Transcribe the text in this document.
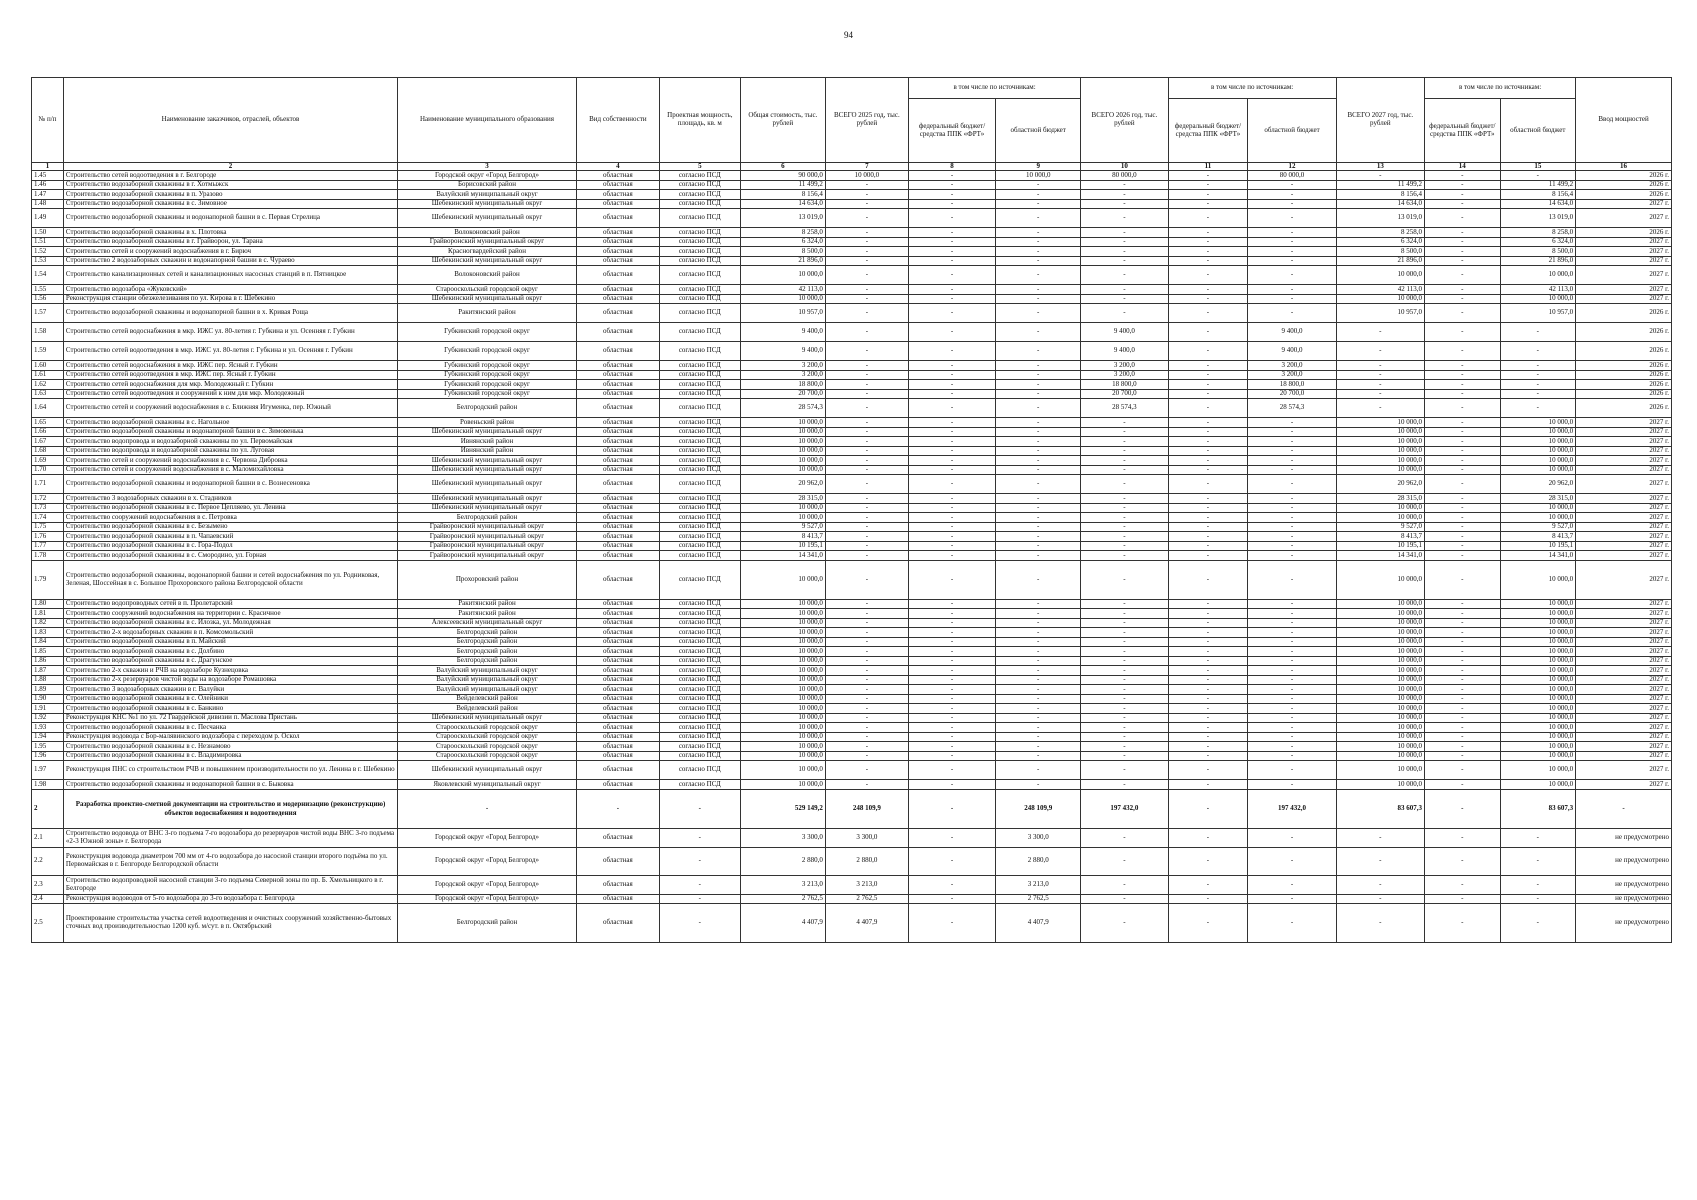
94
№ п/п	Наименование заказчиков, отраслей, объектов	Наименование муниципального образования	Вид собственности	Проектная мощность, площадь, кв. м	Общая стоимость, тыс. рублей	ВСЕГО 2025 год, тыс. рублей	в том числе по источникам:		ВСЕГО 2026 год, тыс. рублей	в том числе по источникам:		ВСЕГО 2027 год, тыс. рублей	в том числе по источникам:		Ввод мощностей
							федеральный бюджет/ средства ППК «ФРТ»	областной бюджет		федеральный бюджет/ средства ППК «ФРТ»	областной бюджет		федеральный бюджет/ средства ППК «ФРТ»	областной бюджет	
1	2	3	4	5	6	7	8	9	10	11	12	13	14	15	16
1.45	Строительство сетей водоотведения в г. Белгороде	Городской округ «Город Белгород»	областная	согласно ПСД	90 000,0	10 000,0	-	10 000,0	80 000,0	-	80 000,0	-	-	-	2026 г.
1.46	Строительство водозаборной скважины в г. Хотмыжск	Борисовский район	областная	согласно ПСД	11 499,2	-	-	-	-	-	-	11 499,2	-	11 499,2	2026 г.
1.47	Строительство водозаборной скважины в п. Уразово	Валуйский муниципальный округ	областная	согласно ПСД	8 156,4	-	-	-	-	-	-	8 156,4	-	8 156,4	2026 г.
1.48	Строительство водозаборной скважины в с. Зимовное	Шебекинский муниципальный округ	областная	согласно ПСД	14 634,0	-	-	-	-	-	-	14 634,0	-	14 634,0	2027 г.
1.49	Строительство водозаборной скважины и водонапорной башни в с. Первая Стрелица	Шебекинский муниципальный округ	областная	согласно ПСД	13 019,0	-	-	-	-	-	-	13 019,0	-	13 019,0	2027 г.
1.50	Строительство водозаборной скважины в х. Плотовка	Волоконовский район	областная	согласно ПСД	8 258,0	-	-	-	-	-	-	8 258,0	-	8 258,0	2026 г.
1.51	Строительство водозаборной скважины в г. Грайворон, ул. Тарана	Грайворонский муниципальный округ	областная	согласно ПСД	6 324,0	-	-	-	-	-	-	6 324,0	-	6 324,0	2027 г.
1.52	Строительство сетей и сооружений водоснабжения в г. Бирюч	Красногвардейский район	областная	согласно ПСД	8 500,0	-	-	-	-	-	-	8 500,0	-	8 500,0	2027 г.
1.53	Строительство 2 водозаборных скважин и водонапорной башни в с. Чураево	Шебекинский муниципальный округ	областная	согласно ПСД	21 896,0	-	-	-	-	-	-	21 896,0	-	21 896,0	2027 г.
1.54	Строительство канализационных сетей и канализационных насосных станций в п. Пятницкое	Волоконовский район	областная	согласно ПСД	10 000,0	-	-	-	-	-	-	10 000,0	-	10 000,0	2027 г.
1.55	Строительство водозабора «Жуковский»	Старооскольский городской округ	областная	согласно ПСД	42 113,0	-	-	-	-	-	-	42 113,0	-	42 113,0	2027 г.
1.56	Реконструкция станции обезжелезивания по ул. Кирова в г. Шебекино	Шебекинский муниципальный округ	областная	согласно ПСД	10 000,0	-	-	-	-	-	-	10 000,0	-	10 000,0	2027 г.
1.57	Строительство водозаборной скважины и водонапорной башни в х. Кривая Роща	Ракитянский район	областная	согласно ПСД	10 957,0	-	-	-	-	-	-	10 957,0	-	10 957,0	2026 г.
1.58	Строительство сетей водоснабжения в мкр. ИЖС ул. 80-летия г. Губкина и ул. Осенняя г. Губкин	Губкинский городской округ	областная	согласно ПСД	9 400,0	-	-	-	9 400,0	-	9 400,0	-	-	-	2026 г.
1.59	Строительство сетей водоотведения в мкр. ИЖС ул. 80-летия г. Губкина и ул. Осенняя г. Губкин	Губкинский городской округ	областная	согласно ПСД	9 400,0	-	-	-	9 400,0	-	9 400,0	-	-	-	2026 г.
1.60	Строительство сетей водоснабжения в мкр. ИЖС пер. Ясный г. Губкин	Губкинский городской округ	областная	согласно ПСД	3 200,0	-	-	-	3 200,0	-	3 200,0	-	-	-	2026 г.
1.61	Строительство сетей водоотведения в мкр. ИЖС пер. Ясный г. Губкин	Губкинский городской округ	областная	согласно ПСД	3 200,0	-	-	-	3 200,0	-	3 200,0	-	-	-	2026 г.
1.62	Строительство сетей водоснабжения для мкр. Молодежный г. Губкин	Губкинский городской округ	областная	согласно ПСД	18 800,0	-	-	-	18 800,0	-	18 800,0	-	-	-	2026 г.
1.63	Строительство сетей водоотведения и сооружений к ним для мкр. Молодежный	Губкинский городской округ	областная	согласно ПСД	20 700,0	-	-	-	20 700,0	-	20 700,0	-	-	-	2026 г.
1.64	Строительство сетей и сооружений водоснабжения в с. Ближняя Игуменка, пер. Южный	Белгородский район	областная	согласно ПСД	28 574,3	-	-	-	28 574,3	-	28 574,3	-	-	-	2026 г.
1.65	Строительство водозаборной скважины в с. Нагольное	Ровеньский район	областная	согласно ПСД	10 000,0	-	-	-	-	-	-	10 000,0	-	10 000,0	2027 г.
1.66	Строительство водозаборной скважины и водонапорной башни в с. Зимовенька	Шебекинский муниципальный округ	областная	согласно ПСД	10 000,0	-	-	-	-	-	-	10 000,0	-	10 000,0	2027 г.
1.67	Строительство водопровода и водозаборной скважины по ул. Первомайская	Ивнянский район	областная	согласно ПСД	10 000,0	-	-	-	-	-	-	10 000,0	-	10 000,0	2027 г.
1.68	Строительство водопровода и водозаборной скважины по ул. Луговая	Ивнянский район	областная	согласно ПСД	10 000,0	-	-	-	-	-	-	10 000,0	-	10 000,0	2027 г.
1.69	Строительство сетей и сооружений водоснабжения в с. Червона Дибровка	Шебекинский муниципальный округ	областная	согласно ПСД	10 000,0	-	-	-	-	-	-	10 000,0	-	10 000,0	2027 г.
1.70	Строительство сетей и сооружений водоснабжения в с. Маломихайловка	Шебекинский муниципальный округ	областная	согласно ПСД	10 000,0	-	-	-	-	-	-	10 000,0	-	10 000,0	2027 г.
1.71	Строительство водозаборной скважины и водонапорной башни в с. Вознесеновка	Шебекинский муниципальный округ	областная	согласно ПСД	20 962,0	-	-	-	-	-	-	20 962,0	-	20 962,0	2027 г.
1.72	Строительство 3 водозаборных скважин в х. Стадников	Шебекинский муниципальный округ	областная	согласно ПСД	28 315,0	-	-	-	-	-	-	28 315,0	-	28 315,0	2027 г.
1.73	Строительство водозаборной скважины в с. Первое Цепляево, ул. Ленина	Шебекинский муниципальный округ	областная	согласно ПСД	10 000,0	-	-	-	-	-	-	10 000,0	-	10 000,0	2027 г.
1.74	Строительство сооружений водоснабжения в с. Петровка	Белгородский район	областная	согласно ПСД	10 000,0	-	-	-	-	-	-	10 000,0	-	10 000,0	2027 г.
1.75	Строительство водозаборной скважины в с. Безымено	Грайворонский муниципальный округ	областная	согласно ПСД	9 527,0	-	-	-	-	-	-	9 527,0	-	9 527,0	2027 г.
1.76	Строительство водозаборной скважины в п. Чапаевский	Грайворонский муниципальный округ	областная	согласно ПСД	8 413,7	-	-	-	-	-	-	8 413,7	-	8 413,7	2027 г.
1.77	Строительство водозаборной скважины в с. Гора-Подол	Грайворонский муниципальный округ	областная	согласно ПСД	10 195,1	-	-	-	-	-	-	10 195,1	-	10 195,1	2027 г.
1.78	Строительство водозаборной скважины в с. Смородино, ул. Горная	Грайворонский муниципальный округ	областная	согласно ПСД	14 341,0	-	-	-	-	-	-	14 341,0	-	14 341,0	2027 г.
1.79	Строительство водозаборной скважины, водонапорной башни и сетей водоснабжения по ул. Родниковая, Зеленая, Шоссейная в с. Большое Прохоровского района Белгородской области	Прохоровский район	областная	согласно ПСД	10 000,0	-	-	-	-	-	-	10 000,0	-	10 000,0	2027 г.
1.80	Строительство водопроводных сетей в п. Пролетарский	Ракитянский район	областная	согласно ПСД	10 000,0	-	-	-	-	-	-	10 000,0	-	10 000,0	2027 г.
1.81	Строительство сооружений водоснабжения на территории с. Красичное	Ракитянский район	областная	согласно ПСД	10 000,0	-	-	-	-	-	-	10 000,0	-	10 000,0	2027 г.
1.82	Строительство водозаборной скважины в с. Илозка, ул. Молодежная	Алексеевский муниципальный округ	областная	согласно ПСД	10 000,0	-	-	-	-	-	-	10 000,0	-	10 000,0	2027 г.
1.83	Строительство 2-х водозаборных скважин в п. Комсомольский	Белгородский район	областная	согласно ПСД	10 000,0	-	-	-	-	-	-	10 000,0	-	10 000,0	2027 г.
1.84	Строительство водозаборной скважины в п. Майский	Белгородский район	областная	согласно ПСД	10 000,0	-	-	-	-	-	-	10 000,0	-	10 000,0	2027 г.
1.85	Строительство водозаборной скважины в с. Долбино	Белгородский район	областная	согласно ПСД	10 000,0	-	-	-	-	-	-	10 000,0	-	10 000,0	2027 г.
1.86	Строительство водозаборной скважины в с. Драгунское	Белгородский район	областная	согласно ПСД	10 000,0	-	-	-	-	-	-	10 000,0	-	10 000,0	2027 г.
1.87	Строительство 2-х скважин и РЧВ на водозаборе Кузнецовка	Валуйский муниципальный округ	областная	согласно ПСД	10 000,0	-	-	-	-	-	-	10 000,0	-	10 000,0	2027 г.
1.88	Строительство 2-х резервуаров чистой воды на водозаборе Ромашовка	Валуйский муниципальный округ	областная	согласно ПСД	10 000,0	-	-	-	-	-	-	10 000,0	-	10 000,0	2027 г.
1.89	Строительство 3 водозаборных скважин в г. Валуйки	Валуйский муниципальный округ	областная	согласно ПСД	10 000,0	-	-	-	-	-	-	10 000,0	-	10 000,0	2027 г.
1.90	Строительство водозаборной скважины в с. Олейники	Вейделевский район	областная	согласно ПСД	10 000,0	-	-	-	-	-	-	10 000,0	-	10 000,0	2027 г.
1.91	Строительство водозаборной скважины в с. Банкино	Вейделевский район	областная	согласно ПСД	10 000,0	-	-	-	-	-	-	10 000,0	-	10 000,0	2027 г.
1.92	Реконструкция КНС №1 по ул. 72 Гвардейской дивизии п. Маслова Пристань	Шебекинский муниципальный округ	областная	согласно ПСД	10 000,0	-	-	-	-	-	-	10 000,0	-	10 000,0	2027 г.
1.93	Строительство водозаборной скважины в с. Песчанка	Старооскольский городской округ	областная	согласно ПСД	10 000,0	-	-	-	-	-	-	10 000,0	-	10 000,0	2027 г.
1.94	Реконструкция водовода с Бор-малявинского водозабора с переходом р. Оскол	Старооскольский городской округ	областная	согласно ПСД	10 000,0	-	-	-	-	-	-	10 000,0	-	10 000,0	2027 г.
1.95	Строительство водозаборной скважины в с. Незнамово	Старооскольский городской округ	областная	согласно ПСД	10 000,0	-	-	-	-	-	-	10 000,0	-	10 000,0	2027 г.
1.96	Строительство водозаборной скважины в с. Владимировка	Старооскольский городской округ	областная	согласно ПСД	10 000,0	-	-	-	-	-	-	10 000,0	-	10 000,0	2027 г.
1.97	Реконструкция ПНС со строительством РЧВ и повышением производительности по ул. Ленина в г. Шебекино	Шебекинский муниципальный округ	областная	согласно ПСД	10 000,0	-	-	-	-	-	-	10 000,0	-	10 000,0	2027 г.
1.98	Строительство водозаборной скважины и водонапорной башни в с. Быковка	Яковлевский муниципальный округ	областная	согласно ПСД	10 000,0	-	-	-	-	-	-	10 000,0	-	10 000,0	2027 г.
2	Разработка проектно-сметной документации на строительство и модернизацию (реконструкцию) объектов водоснабжения и водоотведения	-	-	-	529 149,2	248 109,9	-	248 109,9	197 432,0	-	197 432,0	83 607,3	-	83 607,3	-
2.1	Строительство водовода от ВНС 3-го подъема 7-го водозабора до резервуаров чистой воды ВНС 3-го подъема «2-3 Южной зоны» г. Белгорода	Городской округ «Город Белгород»	областная	-	3 300,0	3 300,0	-	3 300,0	-	-	-	-	-	-	не предусмотрено
2.2	Реконструкция водовода диаметром 700 мм от 4-го водозабора до насосной станции второго подъёма по ул. Первомайская в г. Белгороде Белгородской области	Городской округ «Город Белгород»	областная	-	2 880,0	2 880,0	-	2 880,0	-	-	-	-	-	-	не предусмотрено
2.3	Строительство водопроводной насосной станции 3-го подъема Северной зоны по пр. Б. Хмельницкого в г. Белгороде	Городской округ «Город Белгород»	областная	-	3 213,0	3 213,0	-	3 213,0	-	-	-	-	-	-	не предусмотрено
2.4	Реконструкция водоводов от 5-го водозабора до 3-го водозабора г. Белгорода	Городской округ «Город Белгород»	областная	-	2 762,5	2 762,5	-	2 762,5	-	-	-	-	-	-	не предусмотрено
2.5	Проектирование строительства участка сетей водоотведения и очистных сооружений хозяйственно-бытовых сточных вод производительностью 1200 куб. м/сут. в п. Октябрьский	Белгородский район	областная	-	4 407,9	4 407,9	-	4 407,9	-	-	-	-	-	-	не предусмотрено
